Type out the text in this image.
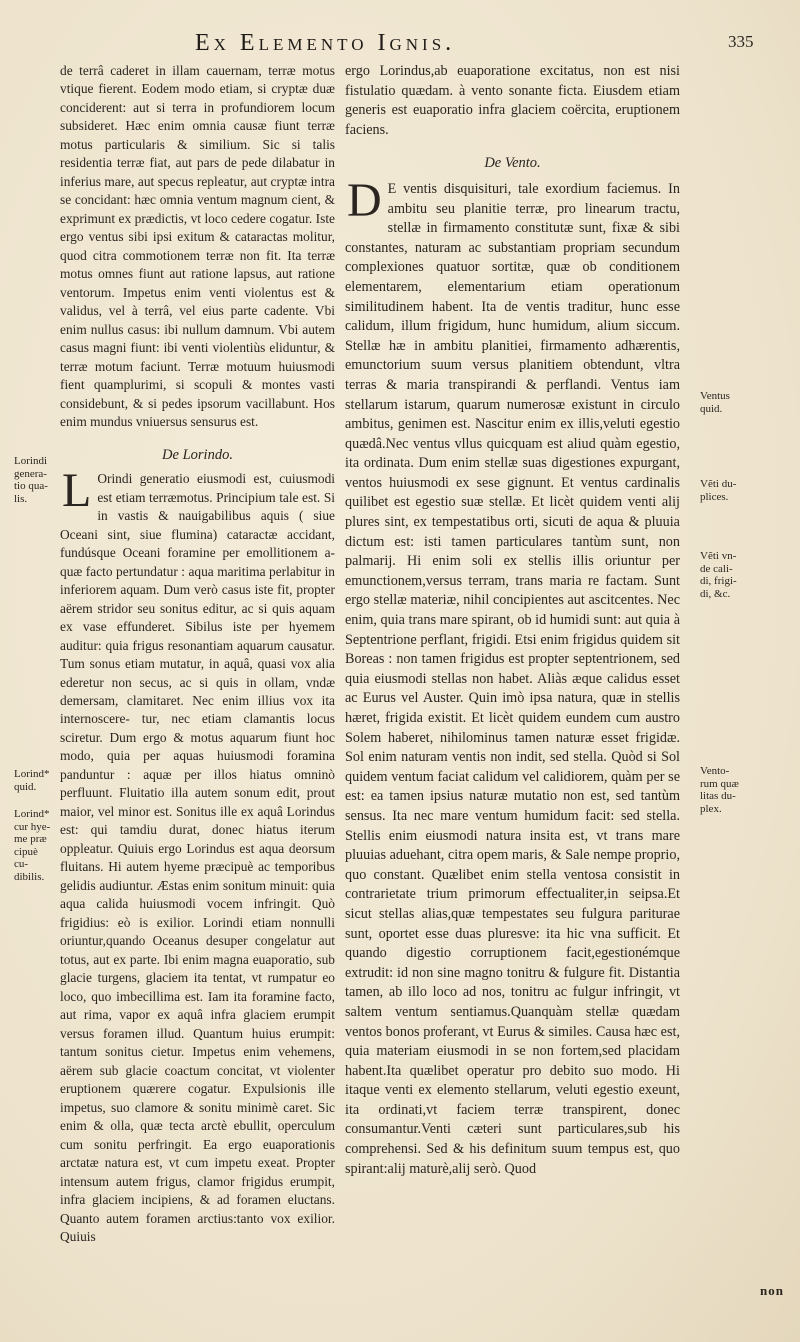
Ex Elemento Ignis.	335

de terrâ caderet in illam cauernam, terræ motus vtique fierent. Eodem modo etiam, si cryptæ duæ conciderent: aut si terra in profundiorem locum subsideret. Hæc enim omnia causæ fiunt terræ motus particularis & similium. Sic si talis residentia terræ fiat, aut pars de pede dilabatur in inferius mare, aut specus repleatur, aut cryptæ intra se concidant: hæc omnia ventum magnum cient, & exprimunt ex prædictis, vt loco cedere cogatur. Iste ergo ventus sibi ipsi exitum & cataractas molitur, quod citra commotionem terræ non fit. Ita terræ motus omnes fiunt aut ratione lapsus, aut ratione ventorum. Impetus enim venti violentus est & validus, vel à terrâ, vel eius parte cadente. Vbi enim nullus casus: ibi nullum damnum. Vbi autem casus magni fiunt: ibi venti violentiùs eliduntur, & terræ motum faciunt. Terræ motuum huiusmodi fient quamplurimi, si scopuli & montes vasti considebunt, & si pedes ipsorum vacillabunt. Hos enim mundus vniuersus sensurus est.

De Lorindo.

L Orindi generatio eiusmodi est, cuiusmodi est etiam terræmotus. Principium tale est. Si in vastis & nauigabilibus aquis ( siue Oceani sint, siue flumina) cataractæ accidant, fundúsque Oceani foramine per emollitionem a- quæ facto pertundatur : aqua maritima perlabitur in inferiorem aquam. Dum verò casus iste fit, propter aërem stridor seu sonitus editur, ac si quis aquam ex vase effunderet. Sibilus iste per hyemem auditur: quia frigus resonantiam aquarum causatur. Tum sonus etiam mutatur, in aquâ, quasi vox alia ederetur non secus, ac si quis in ollam, vndæ demersam, clamitaret. Nec enim illius vox ita internoscere- tur, nec etiam clamantis locus sciretur. Dum ergo & motus aquarum fiunt hoc modo, quia per aquas huiusmodi foramina panduntur : aquæ per illos hiatus omninò perfluunt. Fluitatio illa autem sonum edit, prout maior, vel minor est. Sonitus ille ex aquâ Lorindus est: qui tamdiu durat, donec hiatus iterum oppleatur. Quiuis ergo Lorindus est aqua deorsum fluitans. Hi autem hyeme præcipuè ac temporibus gelidis audiuntur. Æstas enim sonitum minuit: quia aqua calida huiusmodi vocem infringit. Quò frigidius: eò is exilior. Lorindi etiam nonnulli oriuntur,quando Oceanus desuper congelatur aut totus, aut ex parte. Ibi enim magna euaporatio, sub glacie turgens, glaciem ita tentat, vt rumpatur eo loco, quo imbecillima est. Iam ita foramine facto, aut rima, vapor ex aquâ infra glaciem erumpit versus foramen illud. Quantum huius erumpit: tantum sonitus cietur. Impetus enim vehemens, aërem sub glacie coactum concitat, vt violenter eruptionem quærere cogatur. Expulsionis ille impetus, suo clamore & sonitu minimè caret. Sic enim & olla, quæ tecta arctè ebullit, operculum cum sonitu perfringit. Ea ergo euaporationis arctatæ natura est, vt cum impetu exeat. Propter intensum autem frigus, clamor frigidus erumpit, infra glaciem incipiens, & ad foramen eluctans. Quanto autem foramen arctius:tanto vox exilior. Quiuis

ergo Lorindus,ab euaporatione excitatus, non est nisi fistulatio quædam. à vento sonante ficta. Eiusdem etiam generis est euaporatio infra glaciem coërcita, eruptionem faciens.

De Vento.

D E ventis disquisituri, tale exordium faciemus. In ambitu seu planitie terræ, pro linearum tractu, stellæ in firmamento constitutæ sunt, fixæ & sibi constantes, naturam ac substantiam propriam secundum complexiones quatuor sortitæ, quæ ob conditionem elementarem, elementarium etiam operationum similitudinem habent. Ita de ventis traditur, hunc esse calidum, illum frigidum, hunc humidum, alium siccum. Stellæ hæ in ambitu planitiei, firmamento adhærentis, emunctorium suum versus planitiem obtendunt, vltra terras & maria transpirandi & perflandi. Ventus iam stellarum istarum, quarum numerosæ existunt in circulo ambitus, genimen est. Nascitur enim ex illis,veluti egestio quædâ.Nec ventus vllus quicquam est aliud quàm egestio, ita ordinata. Dum enim stellæ suas digestiones expurgant, ventos huiusmodi ex sese gignunt. Et ventus cardinalis quilibet est egestio suæ stellæ. Et licèt quidem venti alij plures sint, ex tempestatibus orti, sicuti de aqua & pluuia dictum est: isti tamen particulares tantùm sunt, non palmarij. Hi enim soli ex stellis illis oriuntur per emunctionem,versus terram, trans maria re factam. Sunt ergo stellæ materiæ, nihil concipientes aut ascitcentes. Nec enim, quia trans mare spirant, ob id humidi sunt: aut quia à Septentrione perflant, frigidi. Etsi enim frigidus quidem sit Boreas : non tamen frigidus est propter septentrionem, sed quia eiusmodi stellas non habet. Aliàs æque calidus esset ac Eurus vel Auster. Quin imò ipsa natura, quæ in stellis hæret, frigida existit. Et licèt quidem eundem cum austro Solem haberet, nihilominus tamen naturæ esset frigidæ. Sol enim naturam ventis non indit, sed stella. Quòd si Sol quidem ventum faciat calidum vel calidiorem, quàm per se est: ea tamen ipsius naturæ mutatio non est, sed tantùm sensus. Ita nec mare ventum humidum facit: sed stella. Stellis enim eiusmodi natura insita est, vt trans mare pluuias aduehant, citra opem maris, & Sale nempe proprio, quo constant. Quælibet enim stella ventosa consistit in contrarietate trium primorum effectualiter,in seipsa.Et sicut stellas alias,quæ tempestates seu fulgura pariturae sunt, oportet esse duas pluresve: ita hic vna sufficit. Et quando digestio corruptionem facit,egestionémque extrudit: id non sine magno tonitru & fulgure fit. Distantia tamen, ab illo loco ad nos, tonitru ac fulgur infringit, vt saltem ventum sentiamus.Quanquàm stellæ quædam ventos bonos proferant, vt Eurus & similes. Causa hæc est, quia materiam eiusmodi in se non fortem,sed placidam habent.Ita quælibet operatur pro debito suo modo. Hi itaque venti ex elemento stellarum, veluti egestio exeunt, ita ordinati,vt faciem terræ transpirent, donec consumantur.Venti cæteri sunt particulares,sub his comprehensi. Sed & his definitum suum tempus est, quo spirant:alij maturè,alij serò. Quod

Lorindi genera- tio qua- lis.
Lorind* quid.
Lorind* cur hye- me præ cipuè cu- dibilis.
Ventus quid.
Vẽti du- plices.
Vẽti vn- de cali- di, frigi- di, &c.
Vento- rum quæ litas du- plex.
non
